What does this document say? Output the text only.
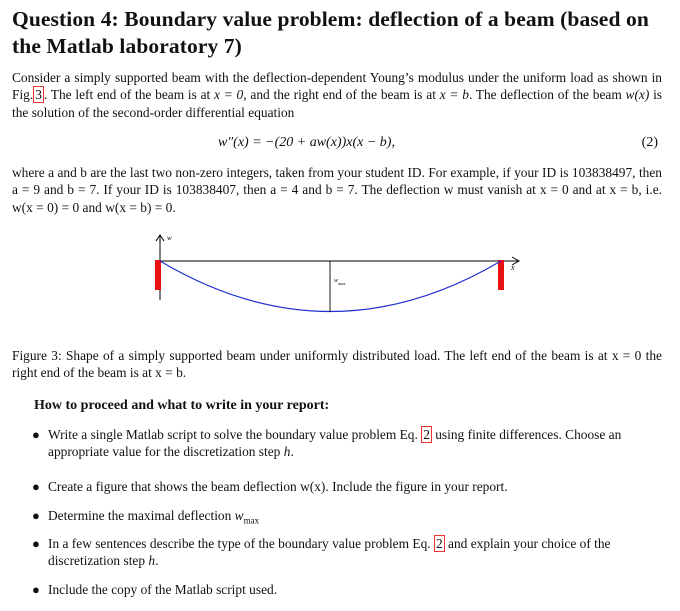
Question 4: Boundary value problem: deflection of a beam (based on the Matlab laboratory 7)
Consider a simply supported beam with the deflection-dependent Young’s modulus under the uniform load as shown in Fig. 3 . The left end of the beam is at x = 0, and the right end of the beam is at x = b. The deflection of the beam w(x) is the solution of the second-order differential equation
w″(x) = −(20 + aw(x))x(x − b),	(2)
where a and b are the last two non-zero integers, taken from your student ID. For example, if your ID is 103838497, then a = 9 and b = 7. If your ID is 103838407, then a = 4 and b = 7. The deflection w must vanish at x = 0 and at x = b, i.e. w(x = 0) = 0 and w(x = b) = 0.
w
x
$w_{max}$
Figure 3: Shape of a simply supported beam under uniformly distributed load. The left end of the beam is at x = 0 the right end of the beam is at x = b.
How to proceed and what to write in your report:
● Write a single Matlab script to solve the boundary value problem Eq. 2 using finite differences. Choose an appropriate value for the discretization step h.
● Create a figure that shows the beam deflection w(x). Include the figure in your report.
● Determine the maximal deflection $w_{max}$
● In a few sentences describe the type of the boundary value problem Eq. 2 and explain your choice of the discretization step h.
● Include the copy of the Matlab script used.
